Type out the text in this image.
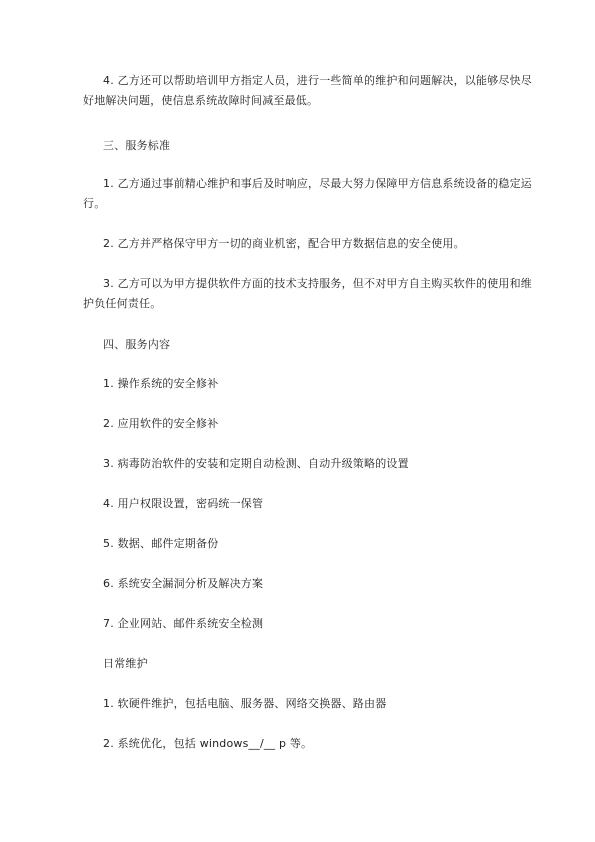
4. 乙方还可以帮助培训甲方指定人员，进行一些简单的维护和问题解决，以能够尽快尽好地解决问题，使信息系统故障时间减至最低。

三、服务标准

1. 乙方通过事前精心维护和事后及时响应，尽最大努力保障甲方信息系统设备的稳定运行。

2. 乙方并严格保守甲方一切的商业机密，配合甲方数据信息的安全使用。

3. 乙方可以为甲方提供软件方面的技术支持服务，但不对甲方自主购买软件的使用和维护负任何责任。

四、服务内容

1. 操作系统的安全修补

2. 应用软件的安全修补

3. 病毒防治软件的安装和定期自动检测、自动升级策略的设置

4. 用户权限设置，密码统一保管

5. 数据、邮件定期备份

6. 系统安全漏洞分析及解决方案

7. 企业网站、邮件系统安全检测

日常维护

1. 软硬件维护，包括电脑、服务器、网络交换器、路由器

2. 系统优化，包括 windows__/__ p 等。
